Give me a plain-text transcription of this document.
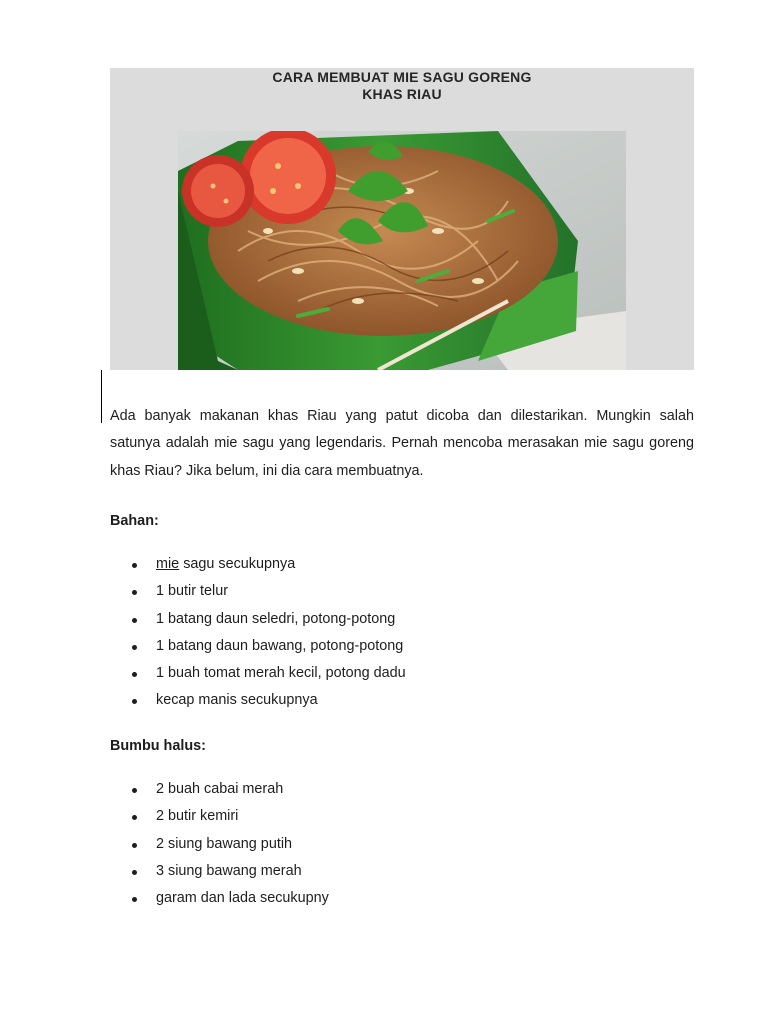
CARA MEMBUAT MIE SAGU GORENG
KHAS RIAU

Ada banyak makanan khas Riau yang patut dicoba dan dilestarikan. Mungkin salah satunya adalah mie sagu yang legendaris. Pernah mencoba merasakan mie sagu goreng khas Riau? Jika belum, ini dia cara membuatnya.

Bahan:

mie sagu secukupnya
1 butir telur
1 batang daun seledri, potong-potong
1 batang daun bawang, potong-potong
1 buah tomat merah kecil, potong dadu
kecap manis secukupnya

Bumbu halus:

2 buah cabai merah
2 butir kemiri
2 siung bawang putih
3 siung bawang merah
garam dan lada secukupny
